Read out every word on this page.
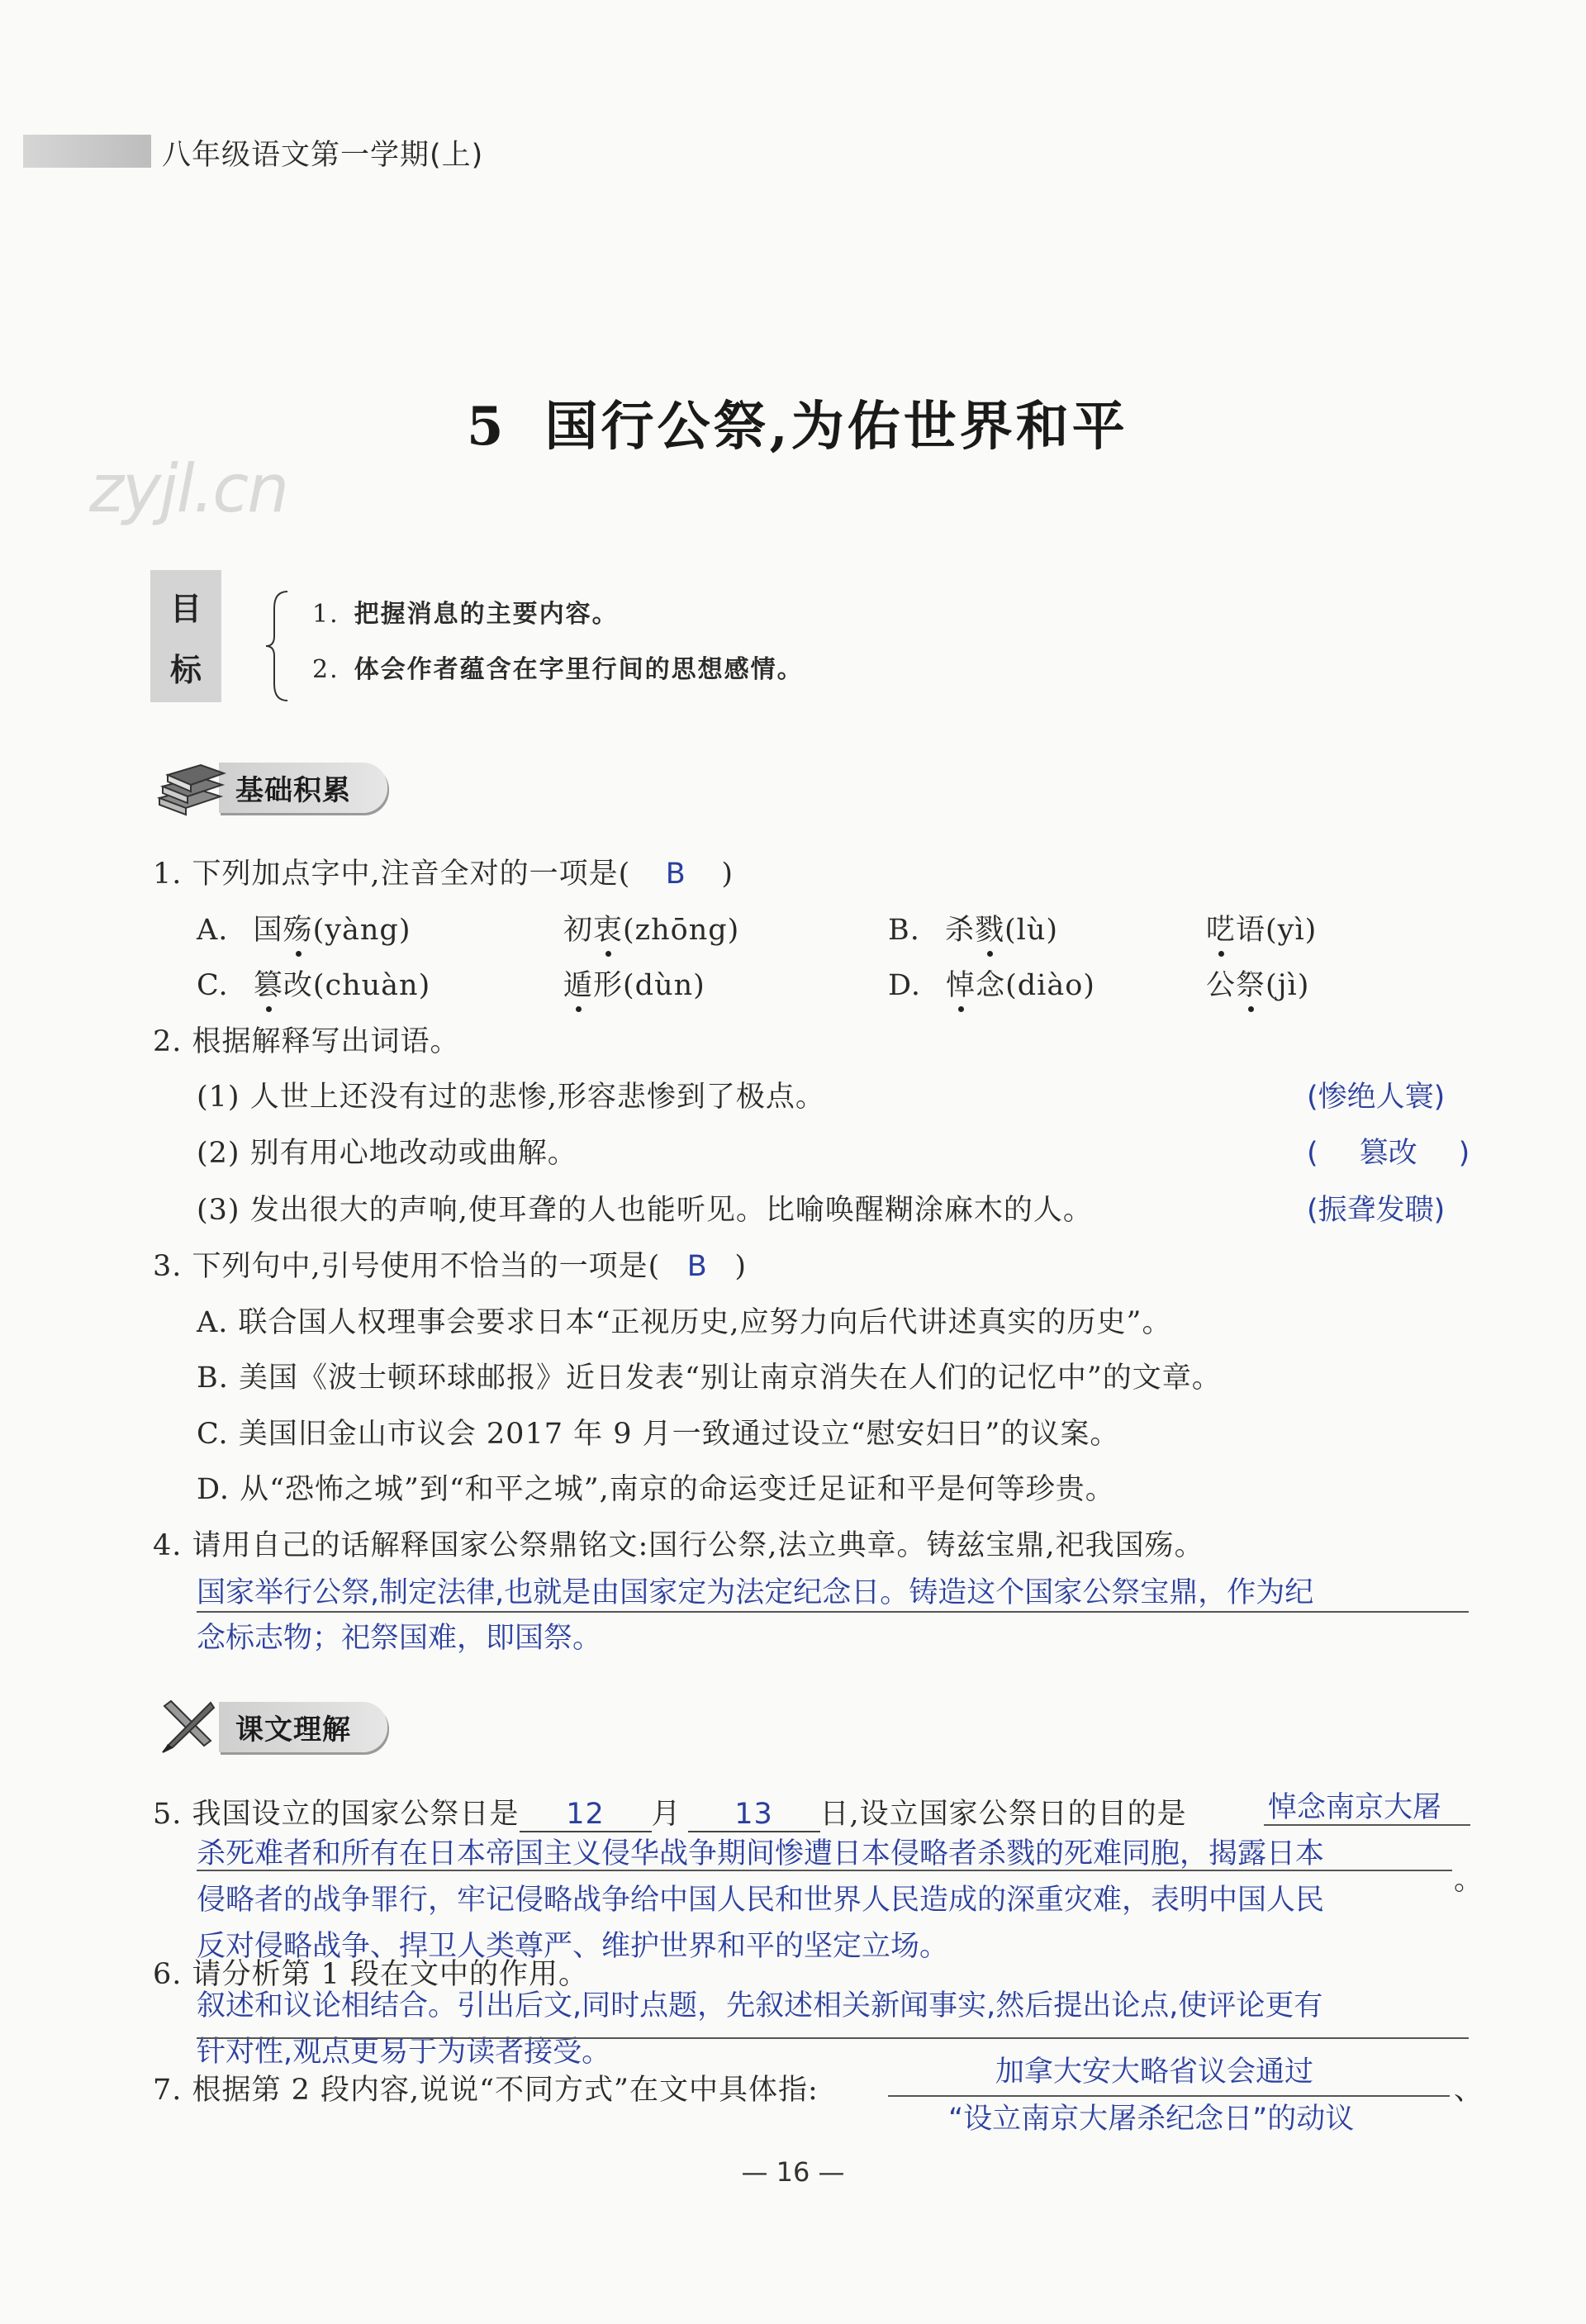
八年级语文第一学期(上)
zyjl.cn
5 国行公祭,为佑世界和平
目
标
1. 把握消息的主要内容。
2. 体会作者蕴含在字里行间的思想感情。
基础积累
1. 下列加点字中,注音全对的一项是( B )
A. 国殇(yàng)	初衷(zhōng)	B. 杀戮(lù)	呓语(yì)
C. 篡改(chuàn)	遁形(dùn)	D. 悼念(diào)	公祭(jì)
2. 根据解释写出词语。
(1) 人世上还没有过的悲惨,形容悲惨到了极点。	(惨绝人寰)
(2) 别有用心地改动或曲解。	( 篡改 )
(3) 发出很大的声响,使耳聋的人也能听见。比喻唤醒糊涂麻木的人。	(振聋发聩)
3. 下列句中,引号使用不恰当的一项是( B )
A. 联合国人权理事会要求日本“正视历史,应努力向后代讲述真实的历史”。
B. 美国《波士顿环球邮报》近日发表“别让南京消失在人们的记忆中”的文章。
C. 美国旧金山市议会 2017 年 9 月一致通过设立“慰安妇日”的议案。
D. 从“恐怖之城”到“和平之城”,南京的命运变迁足证和平是何等珍贵。
4. 请用自己的话解释国家公祭鼎铭文:国行公祭,法立典章。铸兹宝鼎,祀我国殇。
国家举行公祭,制定法律,也就是由国家定为法定纪念日。铸造这个国家公祭宝鼎，作为纪
念标志物；祀祭国难，即国祭。
课文理解
5. 我国设立的国家公祭日是 12 月 13 日,设立国家公祭日的目的是	悼念南京大屠
杀死难者和所有在日本帝国主义侵华战争期间惨遭日本侵略者杀戮的死难同胞，揭露日本
侵略者的战争罪行，牢记侵略战争给中国人民和世界人民造成的深重灾难，表明中国人民
。
反对侵略战争、捍卫人类尊严、维护世界和平的坚定立场。
6. 请分析第 1 段在文中的作用。
叙述和议论相结合。引出后文,同时点题，先叙述相关新闻事实,然后提出论点,使评论更有
针对性,观点更易于为读者接受。
7. 根据第 2 段内容,说说“不同方式”在文中具体指:
加拿大安大略省议会通过
、
“设立南京大屠杀纪念日”的动议
— 16 —
